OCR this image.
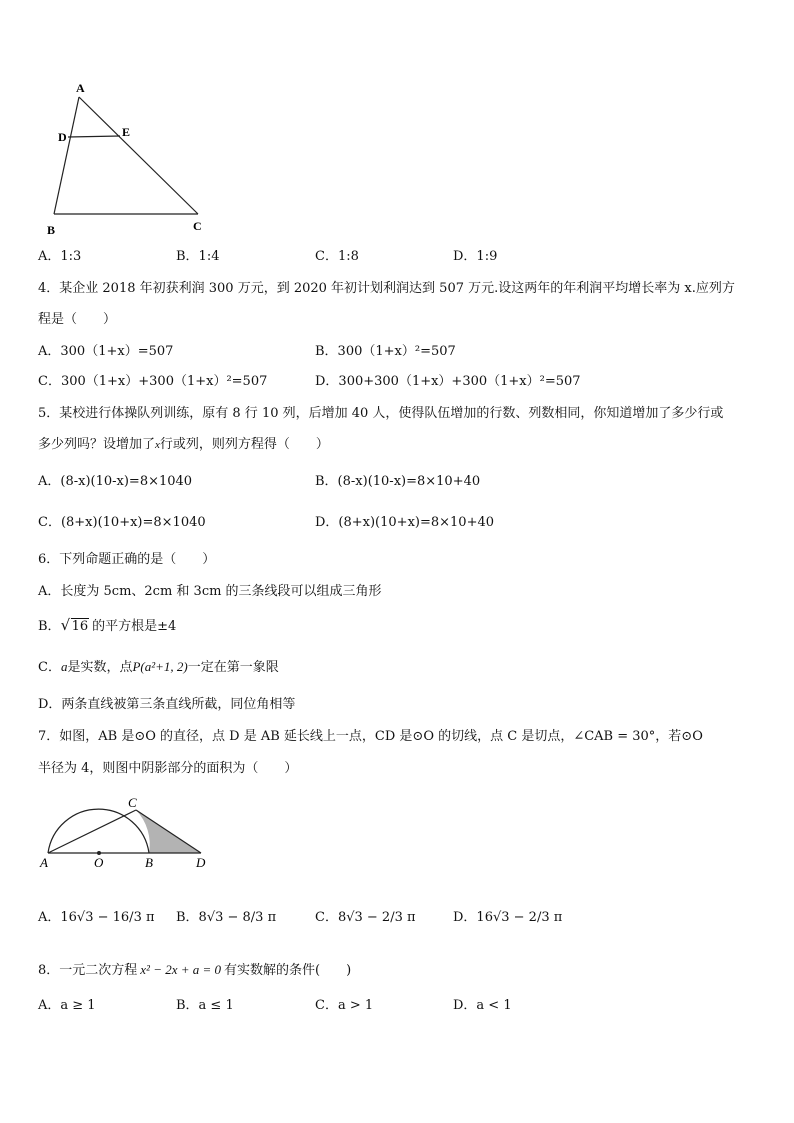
A
B	C
D	E
A．1:3	B．1:4	C．1:8	D．1:9
4．某企业 2018 年初获利润 300 万元，到 2020 年初计划利润达到 507 万元.设这两年的年利润平均增长率为 x.应列方
程是（　　）
A．300（1+x）=507	B．300（1+x）²=507
C．300（1+x）+300（1+x）²=507	D．300+300（1+x）+300（1+x）²=507
5．某校进行体操队列训练，原有 8 行 10 列，后增加 40 人，使得队伍增加的行数、列数相同，你知道增加了多少行或
多少列吗？设增加了x行或列，则列方程得（　　）
A．(8-x)(10-x)=8×1040	B．(8-x)(10-x)=8×10+40
C．(8+x)(10+x)=8×1040	D．(8+x)(10+x)=8×10+40
6．下列命题正确的是（　　）
A．长度为 5cm、2cm 和 3cm 的三条线段可以组成三角形
B． √ 16 的平方根是±4
C．a是实数，点P(a²+1, 2)一定在第一象限
D．两条直线被第三条直线所截，同位角相等
7．如图，AB 是⊙O 的直径，点 D 是 AB 延长线上一点，CD 是⊙O 的切线，点 C 是切点，∠CAB = 30°，若⊙O
半径为 4，则图中阴影部分的面积为（　　）
C
A	O	B	D
A．16√3 − 16/3 π B．8√3 − 8/3 π	C．8√3 − 2/3 π	D．16√3 − 2/3 π
8．一元二次方程 x² − 2x + a = 0 有实数解的条件(　　)
A．a ≥ 1	B．a ≤ 1	C．a > 1	D．a < 1
